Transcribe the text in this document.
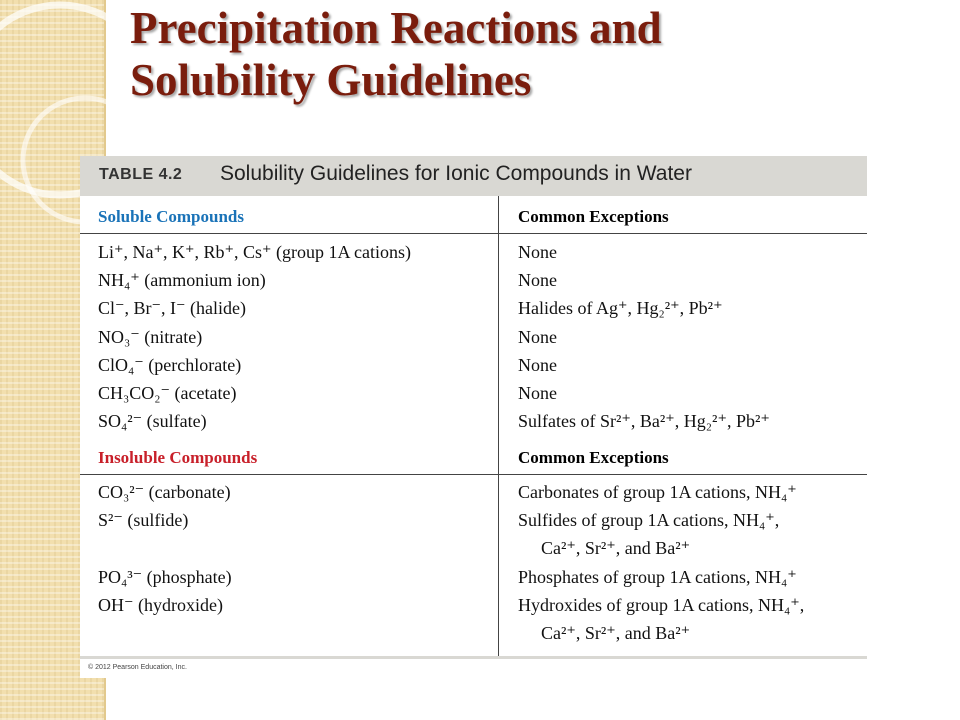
Precipitation Reactions and
Solubility Guidelines
TABLE 4.2 Solubility Guidelines for Ionic Compounds in Water
Soluble Compounds	Common Exceptions
Li⁺, Na⁺, K⁺, Rb⁺, Cs⁺ (group 1A cations)	None
NH₄⁺ (ammonium ion)	None
Cl⁻, Br⁻, I⁻ (halide)	Halides of Ag⁺, Hg₂²⁺, Pb²⁺
NO₃⁻ (nitrate)	None
ClO₄⁻ (perchlorate)	None
CH₃CO₂⁻ (acetate)	None
SO₄²⁻ (sulfate)	Sulfates of Sr²⁺, Ba²⁺, Hg₂²⁺, Pb²⁺
Insoluble Compounds	Common Exceptions
CO₃²⁻ (carbonate)	Carbonates of group 1A cations, NH₄⁺
S²⁻ (sulfide)	Sulfides of group 1A cations, NH₄⁺,
Ca²⁺, Sr²⁺, and Ba²⁺
PO₄³⁻ (phosphate)	Phosphates of group 1A cations, NH₄⁺
OH⁻ (hydroxide)	Hydroxides of group 1A cations, NH₄⁺,
Ca²⁺, Sr²⁺, and Ba²⁺
© 2012 Pearson Education, Inc.
